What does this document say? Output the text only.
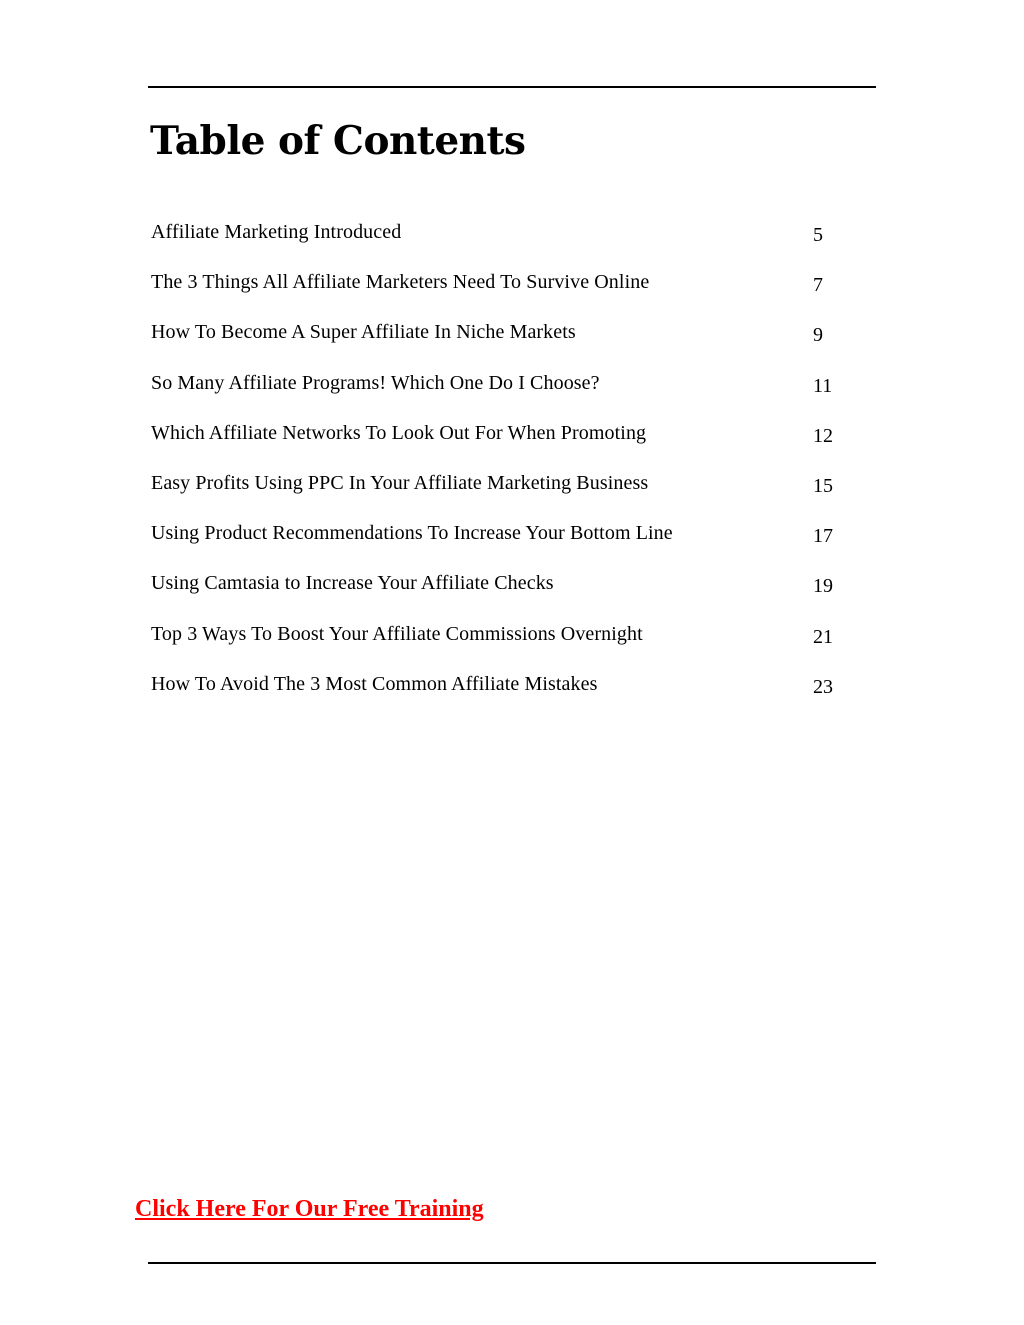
Table of Contents
Affiliate Marketing Introduced	5
The 3 Things All Affiliate Marketers Need To Survive Online	7
How To Become A Super Affiliate In Niche Markets	9
So Many Affiliate Programs! Which One Do I Choose?	11
Which Affiliate Networks To Look Out For When Promoting	12
Easy Profits Using PPC In Your Affiliate Marketing Business	15
Using Product Recommendations To Increase Your Bottom Line	17
Using Camtasia to Increase Your Affiliate Checks	19
Top 3 Ways To Boost Your Affiliate Commissions Overnight	21
How To Avoid The 3 Most Common Affiliate Mistakes	23
Click Here For Our Free Training
